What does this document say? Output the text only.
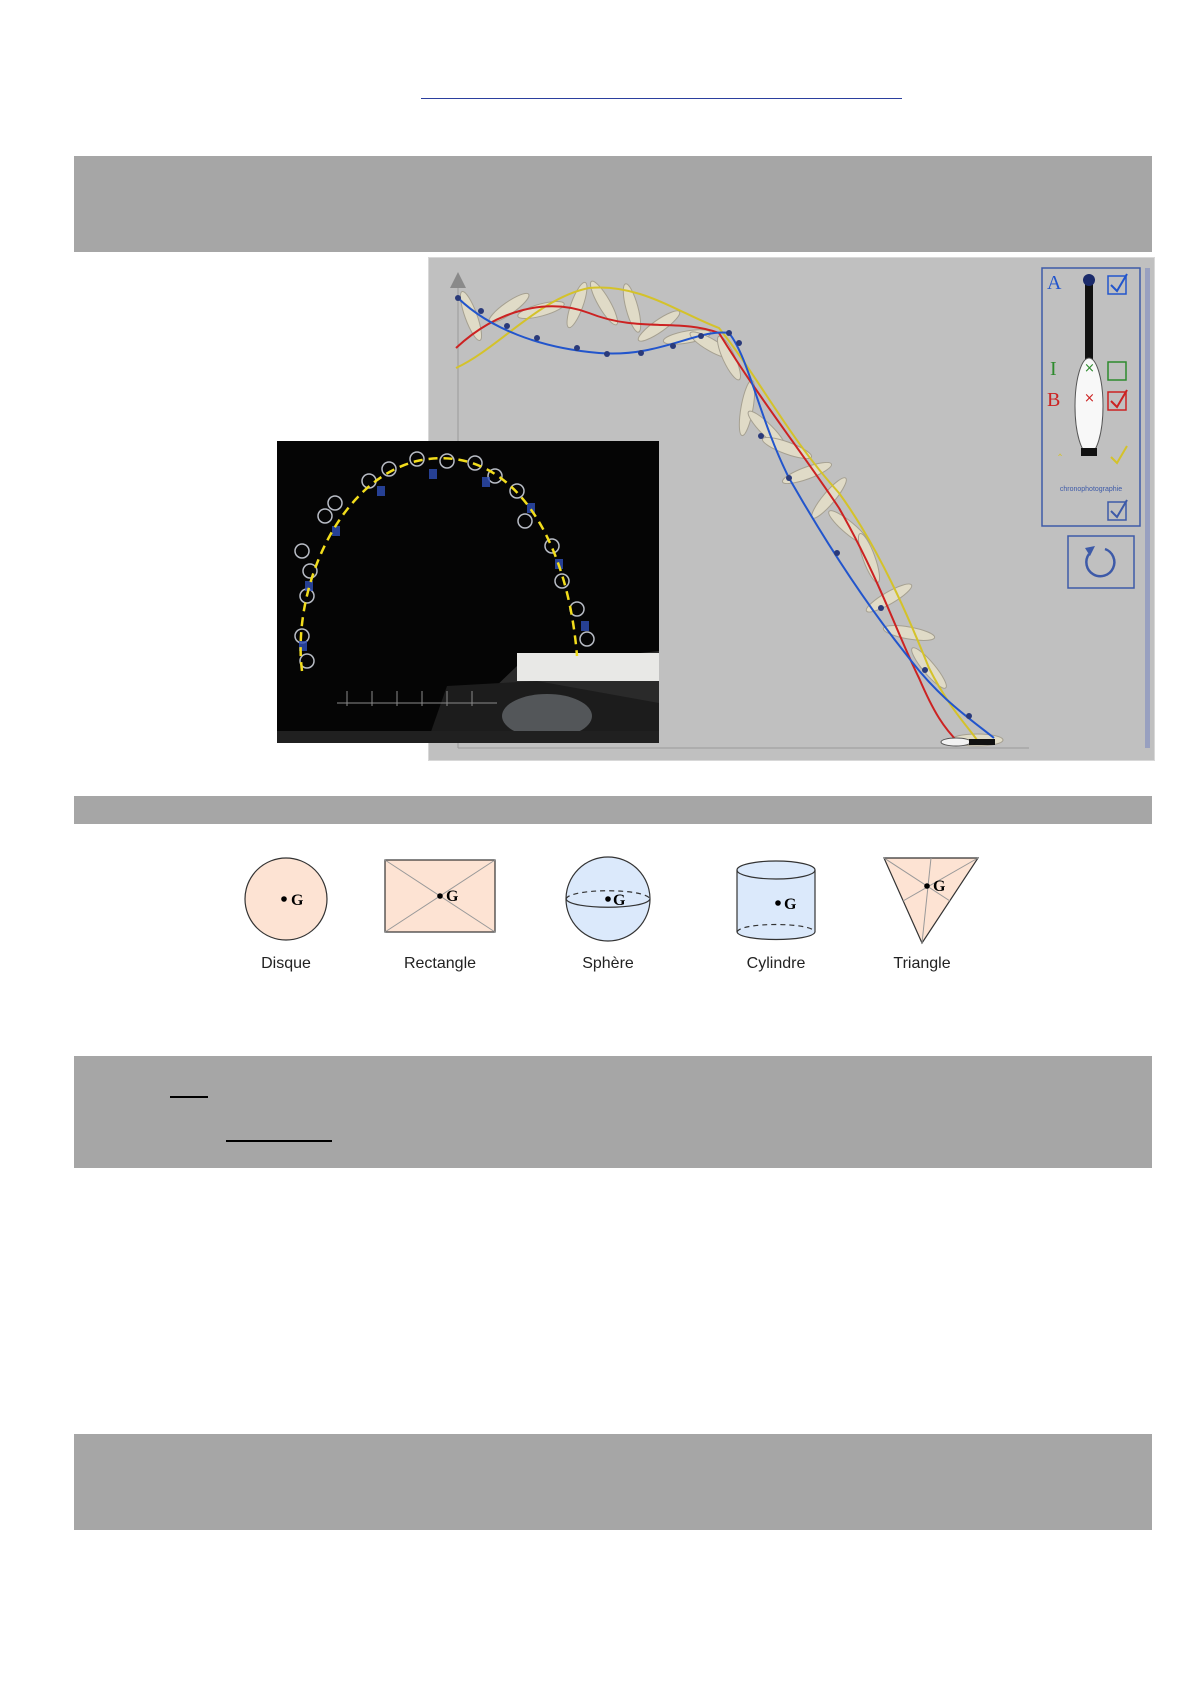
‸
×
×
A
I
B
chronophotographie
G	G	G	G
G
Disque	Rectangle	Sphère	Cylindre	Triangle
